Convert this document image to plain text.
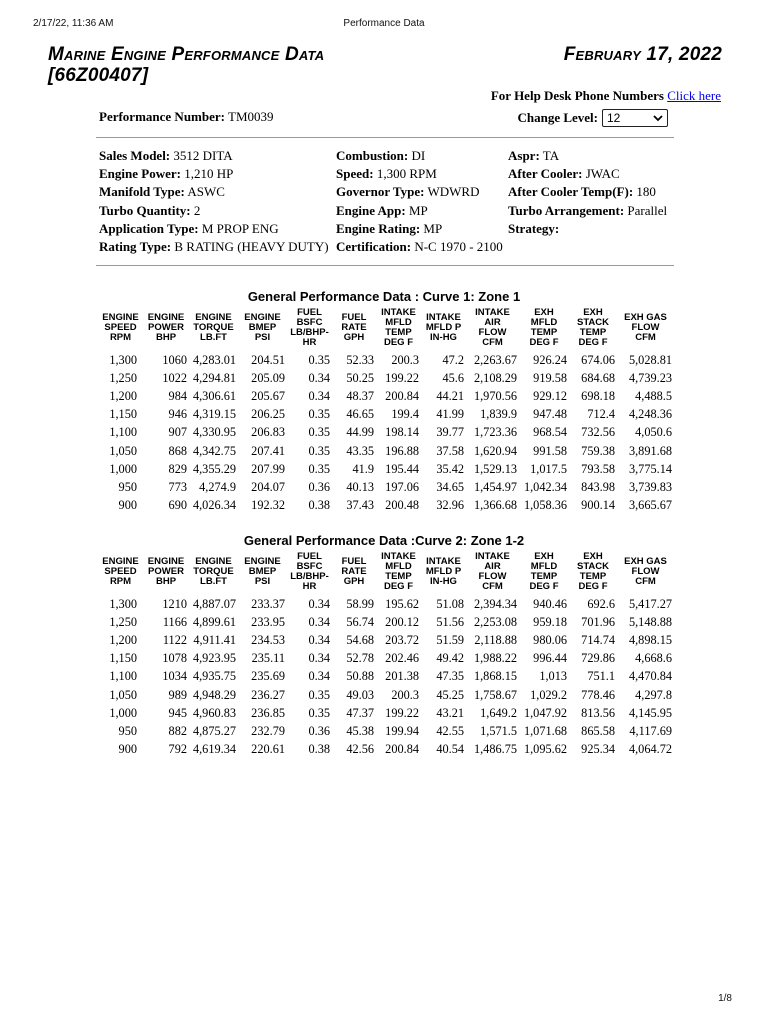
2/17/22, 11:36 AM	Performance Data
1/8
Marine Engine Performance Data [66Z00407]
February 17, 2022
For Help Desk Phone Numbers Click here
Performance Number: TM0039	Change Level: 12
Sales Model: 3512 DITA
Engine Power: 1,210 HP
Manifold Type: ASWC
Turbo Quantity: 2
Application Type: M PROP ENG
Rating Type: B RATING (HEAVY DUTY)
Combustion: DI
Speed: 1,300 RPM
Governor Type: WDWRD
Engine App: MP
Engine Rating: MP
Certification: N-C 1970 - 2100
Aspr: TA
After Cooler: JWAC
After Cooler Temp(F): 180
Turbo Arrangement: Parallel
Strategy:
General Performance Data : Curve 1: Zone 1
ENGINE
SPEED
RPM	ENGINE
POWER
BHP	ENGINE
TORQUE
LB.FT	ENGINE
BMEP
PSI	FUEL
BSFC
LB/BHP-
HR	FUEL
RATE
GPH	INTAKE
MFLD
TEMP
DEG F	INTAKE
MFLD P
IN-HG	INTAKE
AIR
FLOW
CFM	EXH
MFLD
TEMP
DEG F	EXH
STACK
TEMP
DEG F	EXH GAS
FLOW
CFM
1,300	1060	4,283.01	204.51	0.35	52.33	200.3	47.2	2,263.67	926.24	674.06	5,028.81
1,250	1022	4,294.81	205.09	0.34	50.25	199.22	45.6	2,108.29	919.58	684.68	4,739.23
1,200	984	4,306.61	205.67	0.34	48.37	200.84	44.21	1,970.56	929.12	698.18	4,488.5
1,150	946	4,319.15	206.25	0.35	46.65	199.4	41.99	1,839.9	947.48	712.4	4,248.36
1,100	907	4,330.95	206.83	0.35	44.99	198.14	39.77	1,723.36	968.54	732.56	4,050.6
1,050	868	4,342.75	207.41	0.35	43.35	196.88	37.58	1,620.94	991.58	759.38	3,891.68
1,000	829	4,355.29	207.99	0.35	41.9	195.44	35.42	1,529.13	1,017.5	793.58	3,775.14
950	773	4,274.9	204.07	0.36	40.13	197.06	34.65	1,454.97	1,042.34	843.98	3,739.83
900	690	4,026.34	192.32	0.38	37.43	200.48	32.96	1,366.68	1,058.36	900.14	3,665.67
General Performance Data :Curve 2: Zone 1-2
ENGINE
SPEED
RPM	ENGINE
POWER
BHP	ENGINE
TORQUE
LB.FT	ENGINE
BMEP
PSI	FUEL
BSFC
LB/BHP-
HR	FUEL
RATE
GPH	INTAKE
MFLD
TEMP
DEG F	INTAKE
MFLD P
IN-HG	INTAKE
AIR
FLOW
CFM	EXH
MFLD
TEMP
DEG F	EXH
STACK
TEMP
DEG F	EXH GAS
FLOW
CFM
1,300	1210	4,887.07	233.37	0.34	58.99	195.62	51.08	2,394.34	940.46	692.6	5,417.27
1,250	1166	4,899.61	233.95	0.34	56.74	200.12	51.56	2,253.08	959.18	701.96	5,148.88
1,200	1122	4,911.41	234.53	0.34	54.68	203.72	51.59	2,118.88	980.06	714.74	4,898.15
1,150	1078	4,923.95	235.11	0.34	52.78	202.46	49.42	1,988.22	996.44	729.86	4,668.6
1,100	1034	4,935.75	235.69	0.34	50.88	201.38	47.35	1,868.15	1,013	751.1	4,470.84
1,050	989	4,948.29	236.27	0.35	49.03	200.3	45.25	1,758.67	1,029.2	778.46	4,297.8
1,000	945	4,960.83	236.85	0.35	47.37	199.22	43.21	1,649.2	1,047.92	813.56	4,145.95
950	882	4,875.27	232.79	0.36	45.38	199.94	42.55	1,571.5	1,071.68	865.58	4,117.69
900	792	4,619.34	220.61	0.38	42.56	200.84	40.54	1,486.75	1,095.62	925.34	4,064.72
